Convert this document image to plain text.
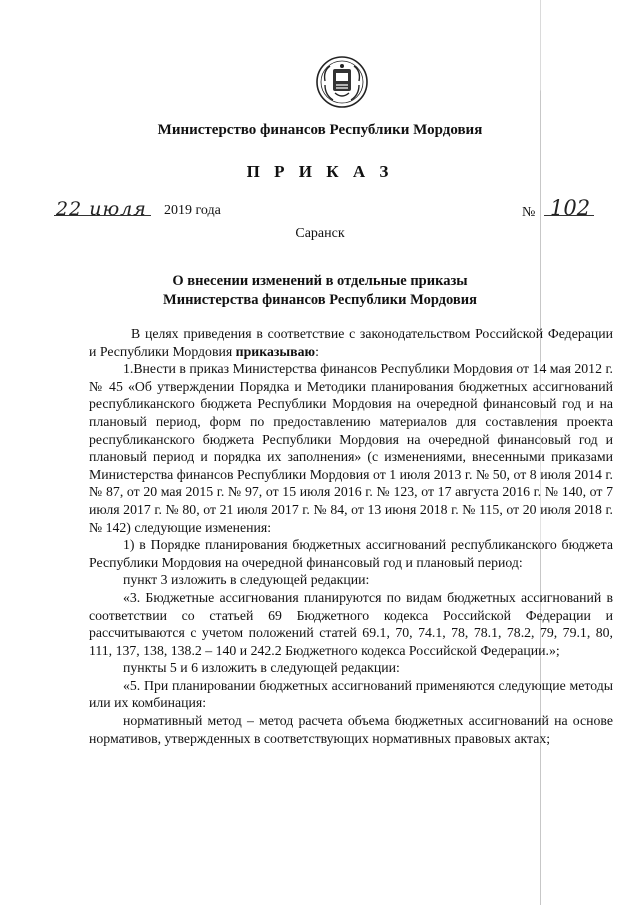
Министерство финансов Республики Мордовия
П Р И К А З
22 июля 2019 года	№ 102
Саранск
О внесении изменений в отдельные приказы
Министерства финансов Республики Мордовия

В целях приведения в соответствие с законодательством Российской Федерации и Республики Мордовия приказываю:

1.Внести в приказ Министерства финансов Республики Мордовия от 14 мая 2012 г. № 45 «Об утверждении Порядка и Методики планирования бюджетных ассигнований республиканского бюджета Республики Мордовия на очередной финансовый год и на плановый период, форм по предоставлению материалов для составления проекта республиканского бюджета Республики Мордовия на очередной финансовый год и плановый период и порядка их заполнения» (с изменениями, внесенными приказами Министерства финансов Республики Мордовия от 1 июля 2013 г. № 50, от 8 июля 2014 г. № 87, от 20 мая 2015 г. № 97, от 15 июля 2016 г. № 123, от 17 августа 2016 г. № 140, от 7 июля 2017 г. № 80, от 21 июля 2017 г. № 84, от 13 июня 2018 г. № 115, от 20 июля 2018 г. № 142) следующие изменения:

1) в Порядке планирования бюджетных ассигнований республиканского бюджета Республики Мордовия на очередной финансовый год и плановый период:

пункт 3 изложить в следующей редакции:

«3. Бюджетные ассигнования планируются по видам бюджетных ассигнований в соответствии со статьей 69 Бюджетного кодекса Российской Федерации и рассчитываются с учетом положений статей 69.1, 70, 74.1, 78, 78.1, 78.2, 79, 79.1, 80, 111, 137, 138, 138.2 – 140 и 242.2 Бюджетного кодекса Российской Федерации.»;

пункты 5 и 6 изложить в следующей редакции:

«5. При планировании бюджетных ассигнований применяются следующие методы или их комбинация:

нормативный метод – метод расчета объема бюджетных ассигнований на основе нормативов, утвержденных в соответствующих нормативных правовых актах;
